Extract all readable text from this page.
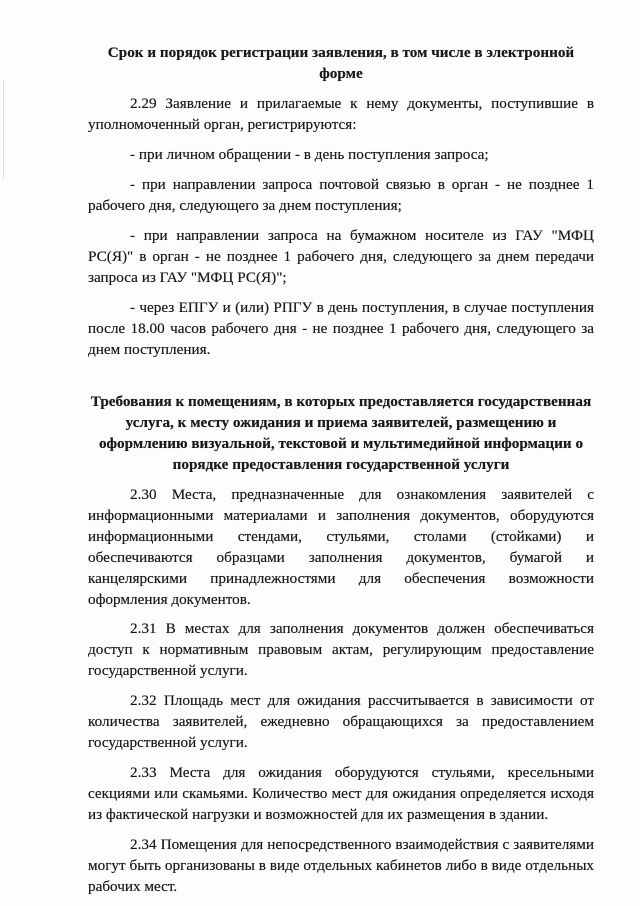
Срок и порядок регистрации заявления, в том числе в электронной форме

2.29 Заявление и прилагаемые к нему документы, поступившие в уполномоченный орган, регистрируются:

- при личном обращении - в день поступления запроса;

- при направлении запроса почтовой связью в орган - не позднее 1 рабочего дня, следующего за днем поступления;

- при направлении запроса на бумажном носителе из ГАУ "МФЦ РС(Я)" в орган - не позднее 1 рабочего дня, следующего за днем передачи запроса из ГАУ "МФЦ РС(Я)";

- через ЕПГУ и (или) РПГУ в день поступления, в случае поступления после 18.00 часов рабочего дня - не позднее 1 рабочего дня, следующего за днем поступления.

Требования к помещениям, в которых предоставляется государственная услуга, к месту ожидания и приема заявителей, размещению и оформлению визуальной, текстовой и мультимедийной информации о порядке предоставления государственной услуги

2.30 Места, предназначенные для ознакомления заявителей с информационными материалами и заполнения документов, оборудуются информационными стендами, стульями, столами (стойками) и обеспечиваются образцами заполнения документов, бумагой и канцелярскими принадлежностями для обеспечения возможности оформления документов.

2.31 В местах для заполнения документов должен обеспечиваться доступ к нормативным правовым актам, регулирующим предоставление государственной услуги.

2.32 Площадь мест для ожидания рассчитывается в зависимости от количества заявителей, ежедневно обращающихся за предоставлением государственной услуги.

2.33 Места для ожидания оборудуются стульями, кресельными секциями или скамьями. Количество мест для ожидания определяется исходя из фактической нагрузки и возможностей для их размещения в здании.

2.34 Помещения для непосредственного взаимодействия с заявителями могут быть организованы в виде отдельных кабинетов либо в виде отдельных рабочих мест.
